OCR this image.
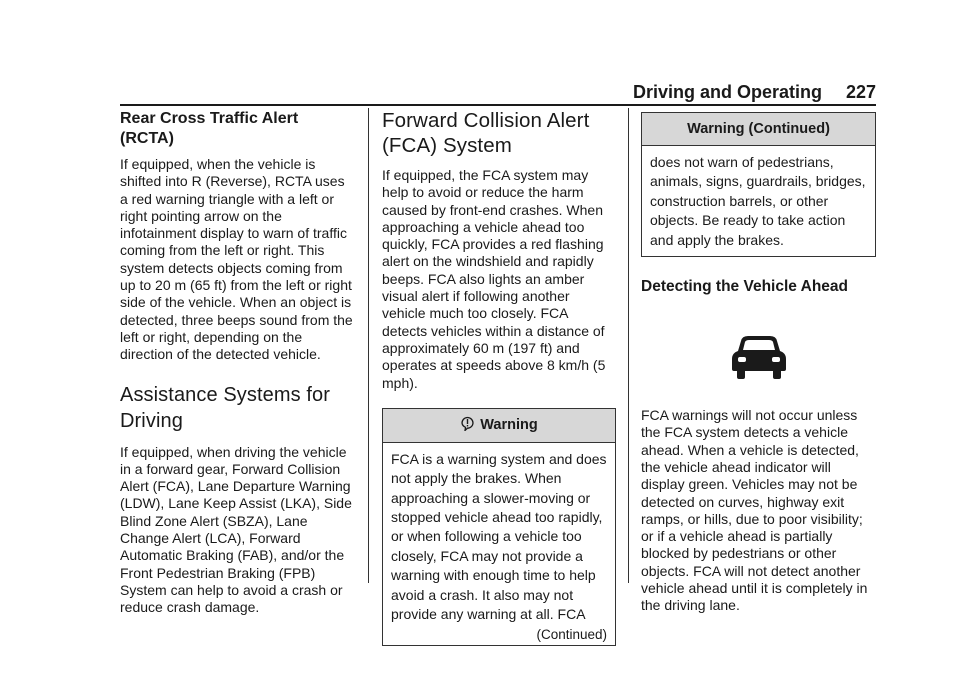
Driving and Operating 227
Rear Cross Traffic Alert (RCTA)

If equipped, when the vehicle is shifted into R (Reverse), RCTA uses a red warning triangle with a left or right pointing arrow on the infotainment display to warn of traffic coming from the left or right. This system detects objects coming from up to 20 m (65 ft) from the left or right side of the vehicle. When an object is detected, three beeps sound from the left or right, depending on the direction of the detected vehicle.

Assistance Systems for Driving

If equipped, when driving the vehicle in a forward gear, Forward Collision Alert (FCA), Lane Departure Warning (LDW), Lane Keep Assist (LKA), Side Blind Zone Alert (SBZA), Lane Change Alert (LCA), Forward Automatic Braking (FAB), and/or the Front Pedestrian Braking (FPB) System can help to avoid a crash or reduce crash damage.

Forward Collision Alert (FCA) System

If equipped, the FCA system may help to avoid or reduce the harm caused by front-end crashes. When approaching a vehicle ahead too quickly, FCA provides a red flashing alert on the windshield and rapidly beeps. FCA also lights an amber visual alert if following another vehicle much too closely. FCA detects vehicles within a distance of approximately 60 m (197 ft) and operates at speeds above 8 km/h (5 mph).

Warning

FCA is a warning system and does not apply the brakes. When approaching a slower-moving or stopped vehicle ahead too rapidly, or when following a vehicle too closely, FCA may not provide a warning with enough time to help avoid a crash. It also may not provide any warning at all. FCA

(Continued)
Warning (Continued)

does not warn of pedestrians, animals, signs, guardrails, bridges, construction barrels, or other objects. Be ready to take action and apply the brakes.

Detecting the Vehicle Ahead

FCA warnings will not occur unless the FCA system detects a vehicle ahead. When a vehicle is detected, the vehicle ahead indicator will display green. Vehicles may not be detected on curves, highway exit ramps, or hills, due to poor visibility; or if a vehicle ahead is partially blocked by pedestrians or other objects. FCA will not detect another vehicle ahead until it is completely in the driving lane.
